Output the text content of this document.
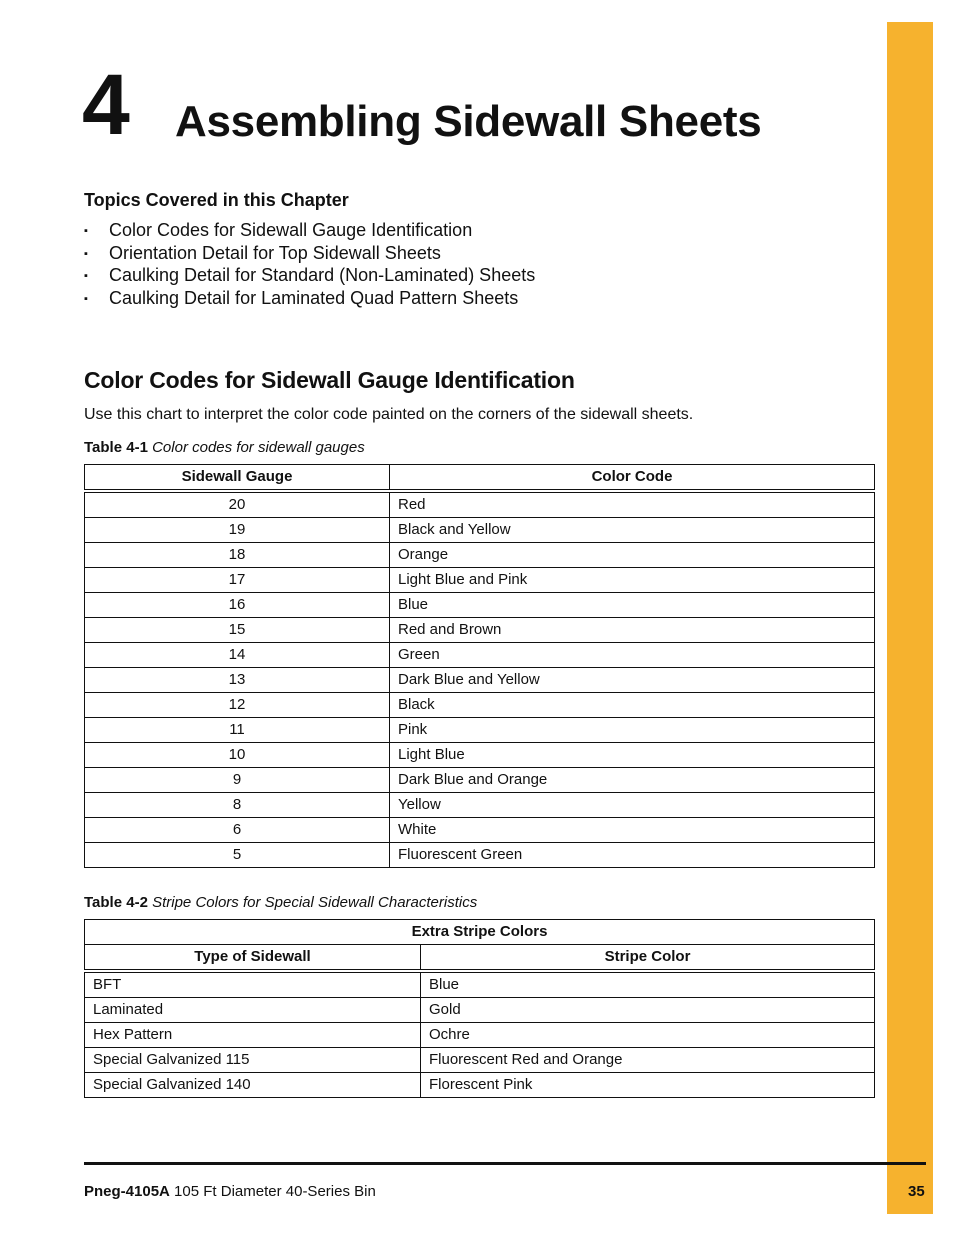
4 Assembling Sidewall Sheets
Topics Covered in this Chapter
▪ Color Codes for Sidewall Gauge Identification
▪ Orientation Detail for Top Sidewall Sheets
▪ Caulking Detail for Standard (Non-Laminated) Sheets
▪ Caulking Detail for Laminated Quad Pattern Sheets
Color Codes for Sidewall Gauge Identification
Use this chart to interpret the color code painted on the corners of the sidewall sheets.
Table 4-1 Color codes for sidewall gauges
Sidewall Gauge	Color Code
20	Red
19	Black and Yellow
18	Orange
17	Light Blue and Pink
16	Blue
15	Red and Brown
14	Green
13	Dark Blue and Yellow
12	Black
11	Pink
10	Light Blue
9	Dark Blue and Orange
8	Yellow
6	White
5	Fluorescent Green
Table 4-2 Stripe Colors for Special Sidewall Characteristics
Extra Stripe Colors	
Type of Sidewall	Stripe Color
BFT	Blue
Laminated	Gold
Hex Pattern	Ochre
Special Galvanized 115	Fluorescent Red and Orange
Special Galvanized 140	Florescent Pink
Pneg-4105A 105 Ft Diameter 40-Series Bin	35
